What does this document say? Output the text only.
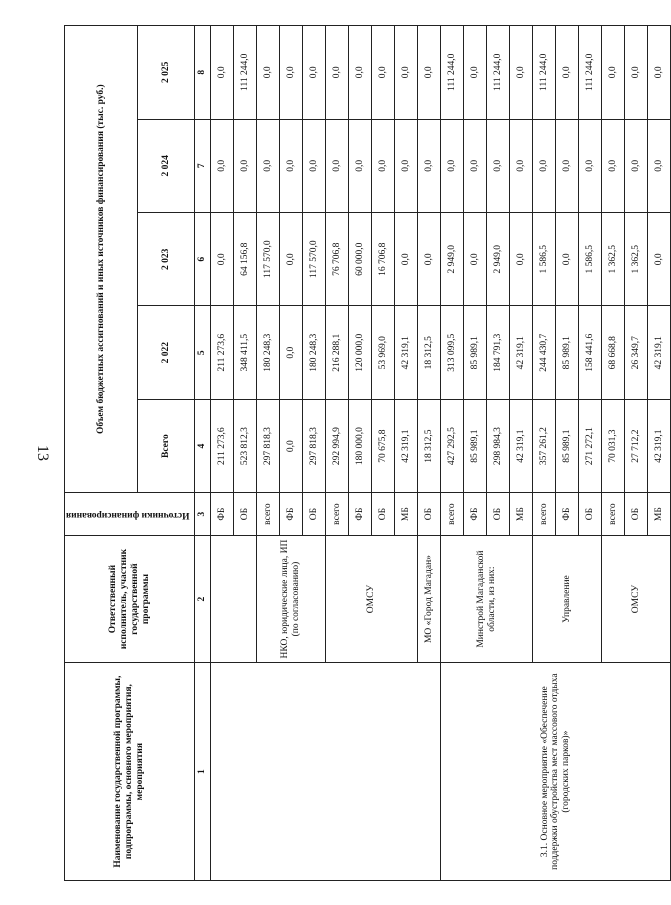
13
Наименование государственной программы, подпрограммы, основного мероприятия, мероприятия	Ответственный исполнитель, участник государственной программы	Источники финансирования	Объем бюджетных ассигнований и иных источников финансирования (тыс. руб.)				
			Всего	2 022	2 023	2 024	2 025
1	2	3	4	5	6	7	8
		ФБ	211 273,6	211 273,6	0,0	0,0	0,0
		ОБ	523 812,3	348 411,5	64 156,8	0,0	111 244,0
	НКО, юридические лица, ИП (по согласованию)	всего	297 818,3	180 248,3	117 570,0	0,0	0,0
		ФБ	0,0	0,0	0,0	0,0	0,0
		ОБ	297 818,3	180 248,3	117 570,0	0,0	0,0
	ОМСУ	всего	292 994,9	216 288,1	76 706,8	0,0	0,0
		ФБ	180 000,0	120 000,0	60 000,0	0,0	0,0
		ОБ	70 675,8	53 969,0	16 706,8	0,0	0,0
		МБ	42 319,1	42 319,1	0,0	0,0	0,0
	МО «Город Магадан»	ОБ	18 312,5	18 312,5	0,0	0,0	0,0
3.1. Основное мероприятие «Обеспечение поддержки обустройства мест массового отдыха (городских парков)»	Минстрой Магаданской области, из них:	всего	427 292,5	313 099,5	2 949,0	0,0	111 244,0
		ФБ	85 989,1	85 989,1	0,0	0,0	0,0
		ОБ	298 984,3	184 791,3	2 949,0	0,0	111 244,0
		МБ	42 319,1	42 319,1	0,0	0,0	0,0
	Управление	всего	357 261,2	244 430,7	1 586,5	0,0	111 244,0
		ФБ	85 989,1	85 989,1	0,0	0,0	0,0
		ОБ	271 272,1	158 441,6	1 586,5	0,0	111 244,0
	ОМСУ	всего	70 031,3	68 668,8	1 362,5	0,0	0,0
		ОБ	27 712,2	26 349,7	1 362,5	0,0	0,0
		МБ	42 319,1	42 319,1	0,0	0,0	0,0
